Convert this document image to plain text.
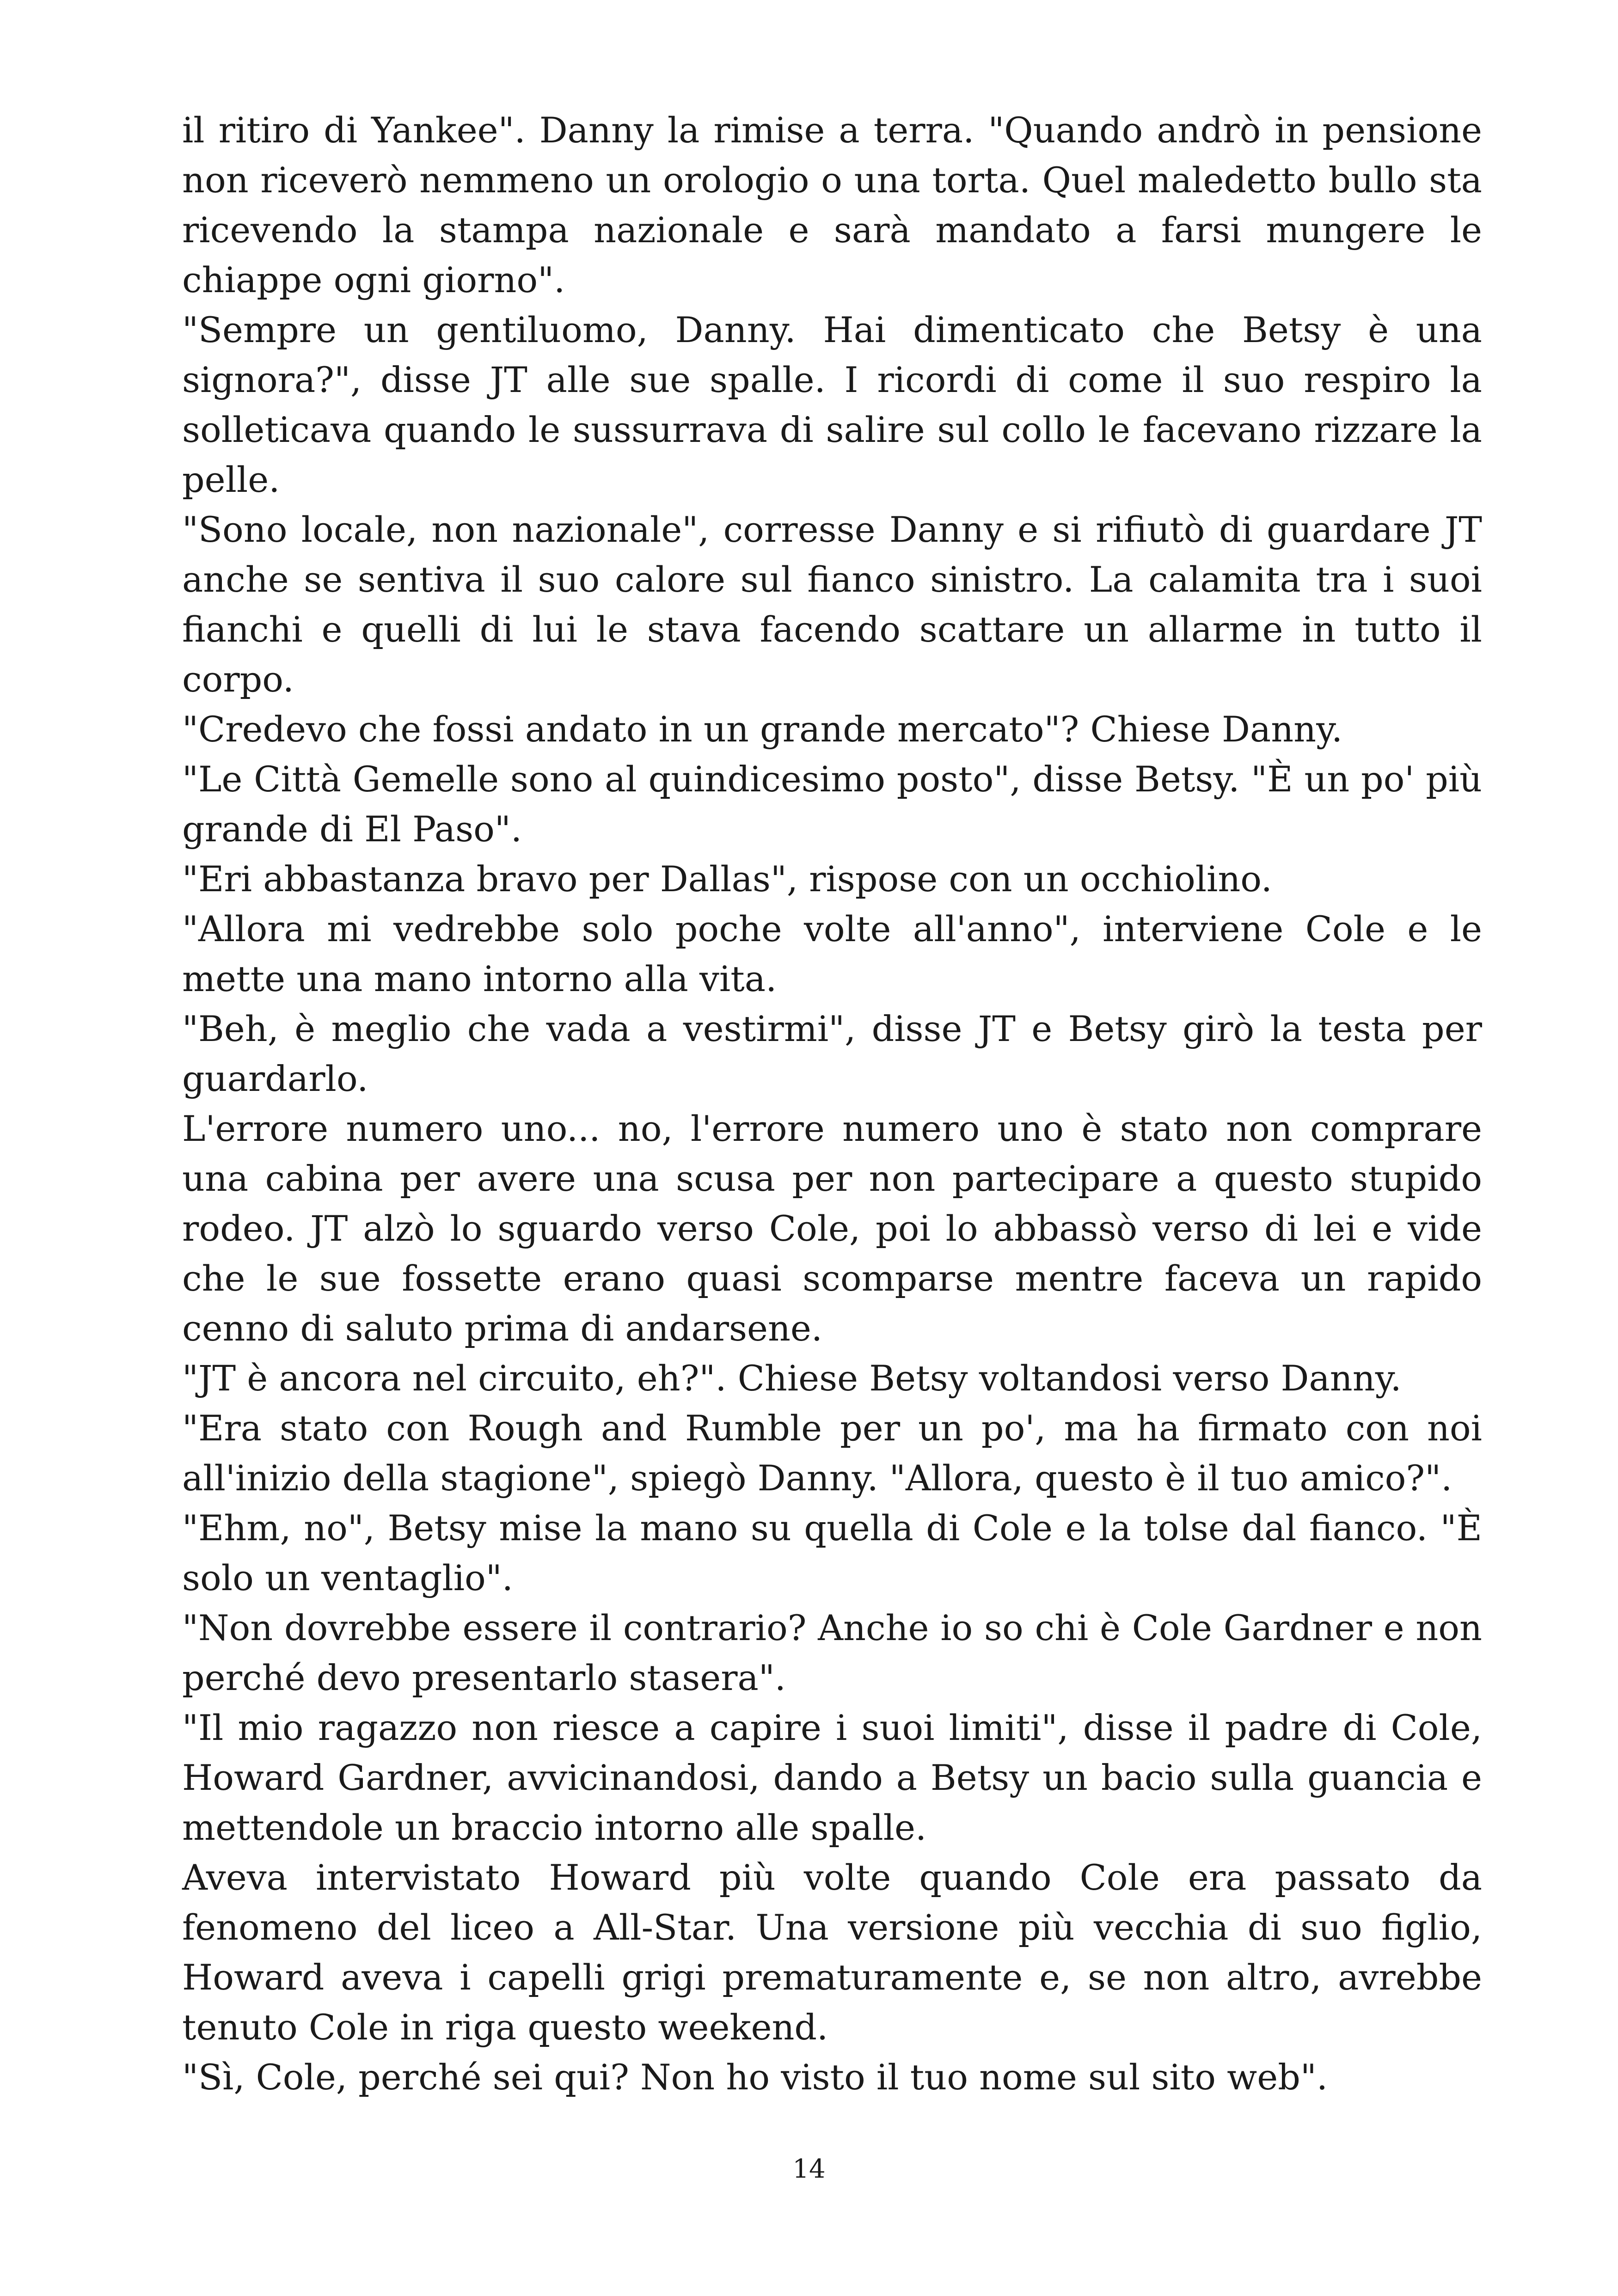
il ritiro di Yankee". Danny la rimise a terra. "Quando andrò in pensione non riceverò nemmeno un orologio o una torta. Quel maledetto bullo sta ricevendo la stampa nazionale e sarà mandato a farsi mungere le chiappe ogni giorno".

"Sempre un gentiluomo, Danny. Hai dimenticato che Betsy è una signora?", disse JT alle sue spalle. I ricordi di come il suo respiro la solleticava quando le sussurrava di salire sul collo le facevano rizzare la pelle.

"Sono locale, non nazionale", corresse Danny e si rifiutò di guardare JT anche se sentiva il suo calore sul fianco sinistro. La calamita tra i suoi fianchi e quelli di lui le stava facendo scattare un allarme in tutto il corpo.

"Credevo che fossi andato in un grande mercato"? Chiese Danny.

"Le Città Gemelle sono al quindicesimo posto", disse Betsy. "È un po' più grande di El Paso".

"Eri abbastanza bravo per Dallas", rispose con un occhiolino.

"Allora mi vedrebbe solo poche volte all'anno", interviene Cole e le mette una mano intorno alla vita.

"Beh, è meglio che vada a vestirmi", disse JT e Betsy girò la testa per guardarlo.

L'errore numero uno... no, l'errore numero uno è stato non comprare una cabina per avere una scusa per non partecipare a questo stupido rodeo. JT alzò lo sguardo verso Cole, poi lo abbassò verso di lei e vide che le sue fossette erano quasi scomparse mentre faceva un rapido cenno di saluto prima di andarsene.

"JT è ancora nel circuito, eh?". Chiese Betsy voltandosi verso Danny.

"Era stato con Rough and Rumble per un po', ma ha firmato con noi all'inizio della stagione", spiegò Danny. "Allora, questo è il tuo amico?".

"Ehm, no", Betsy mise la mano su quella di Cole e la tolse dal fianco. "È solo un ventaglio".

"Non dovrebbe essere il contrario? Anche io so chi è Cole Gardner e non perché devo presentarlo stasera".

"Il mio ragazzo non riesce a capire i suoi limiti", disse il padre di Cole, Howard Gardner, avvicinandosi, dando a Betsy un bacio sulla guancia e mettendole un braccio intorno alle spalle.

Aveva intervistato Howard più volte quando Cole era passato da fenomeno del liceo a All-Star. Una versione più vecchia di suo figlio, Howard aveva i capelli grigi prematuramente e, se non altro, avrebbe tenuto Cole in riga questo weekend.

"Sì, Cole, perché sei qui? Non ho visto il tuo nome sul sito web".

14
